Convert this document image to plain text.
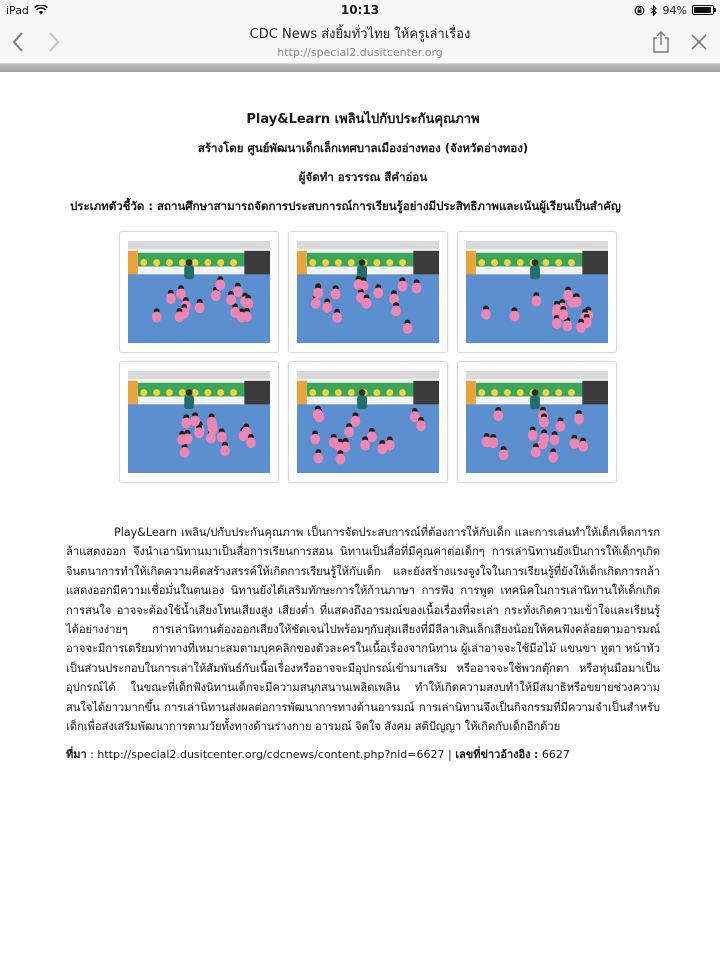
iPad	10:13	94%
CDC News ส่งยิ้มทั่วไทย ให้ครูเล่าเรื่อง
http://special2.dusitcenter.org
Play&Learn เพลินไปกับประกันคุณภาพ
สร้างโดย ศูนย์พัฒนาเด็กเล็กเทศบาลเมืองอ่างทอง (จังหวัดอ่างทอง)
ผู้จัดทำ อรวรรณ สีคำอ่อน
ประเภทตัวชี้วัด : สถานศึกษาสามารถจัดการประสบการณ์การเรียนรู้อย่างมีประสิทธิภาพและเน้นผู้เรียนเป็นสำคัญ
Play&Learn เพลิน/ปกับประกันคุณภาพ เป็นการจัดประสบการณ์ที่ต้องการให้กับเด็ก และการเล่นทำให้เด็กเห็ดการกล้าแสดงออก จึงนำเอานิทานมาเป็นสื่อการเรียนการสอน นิทานเป็นสื่อที่มีคุณค่าต่อเด็กๆ การเล่านิทานยังเป็นการให้เด็กๆเกิดจินตนาการทำให้เกิดความคิดสร้างสรรค์ให้เกิดการเรียนรู้ให้กับเด็ก และยังสร้างแรงจูงใจในการเรียนรู้ที่ยังให้เด็กเกิดการกล้าแสดงออกมีความเชื่อมั่นในตนเอง นิทานยังได้เสริมทักษะการให้ก้านภาษา การฟัง การพูด เทคนิคในการเล่านิทานให้เด็กเกิดการสนใจ อาจจะต้องใช้นํ้าเสียงโทนเสียงสูง เสียงต่ำ ที่แสดงถึงอารมณ์ของเนื้อเรื่องที่จะเล่า กระทั่งเกิดความเข้าใจและเรียนรู้ได้อย่างง่ายๆ การเล่านิทานต้องออกเสียงให้ชัดเจนไปพร้อมๆกับสุ่มเสียงที่มีลีลาเสินเล็กเสียงน้อยให้คนฟังคล้อยตามอารมณ์ อาจจะมีการเตรียมท่าทางที่เหมาะสมตามบุคคลิกของตัวละครในเนื้อเรื่องจากนิทาน ผู้เล่าอาจจะใช้มือไม้ แขนขา หูตา หน้าหัวเป็นส่วนประกอบในการเล่าให้สัมพันธ์กับเนื้อเรื่องหรืออาจจะมีอุปกรณ์เข้ามาเสริม หรืออาจจะใช้พวกตุ๊กตา หรือหุ่นมือมาเป็นอุปกรณ์ได้ ในขณะที่เด็กฟังนิทานเด็กจะมีความสนุกสนานเพลิดเพลิน ทำให้เกิดความสงบทำให้มีสมาธิหรือขยายช่วงความสนใจได้ยาวมากขึ้น การเล่านิทานส่งผลต่อการพัฒนาการทางด้านอารมณ์ การเล่านิทานจึงเป็นกิจกรรมที่มีความจำเป็นสำหรับเด็กเพื่อส่งเสริมพัฒนาการตามวัยทั้งทางด้านร่างกาย อารมณ์ จิตใจ สังคม สติปัญญา ให้เกิดกับเด็กอีกด้วย
ที่มา : http://special2.dusitcenter.org/cdcnews/content.php?nid=6627 | เลขที่ข่าวอ้างอิง : 6627
